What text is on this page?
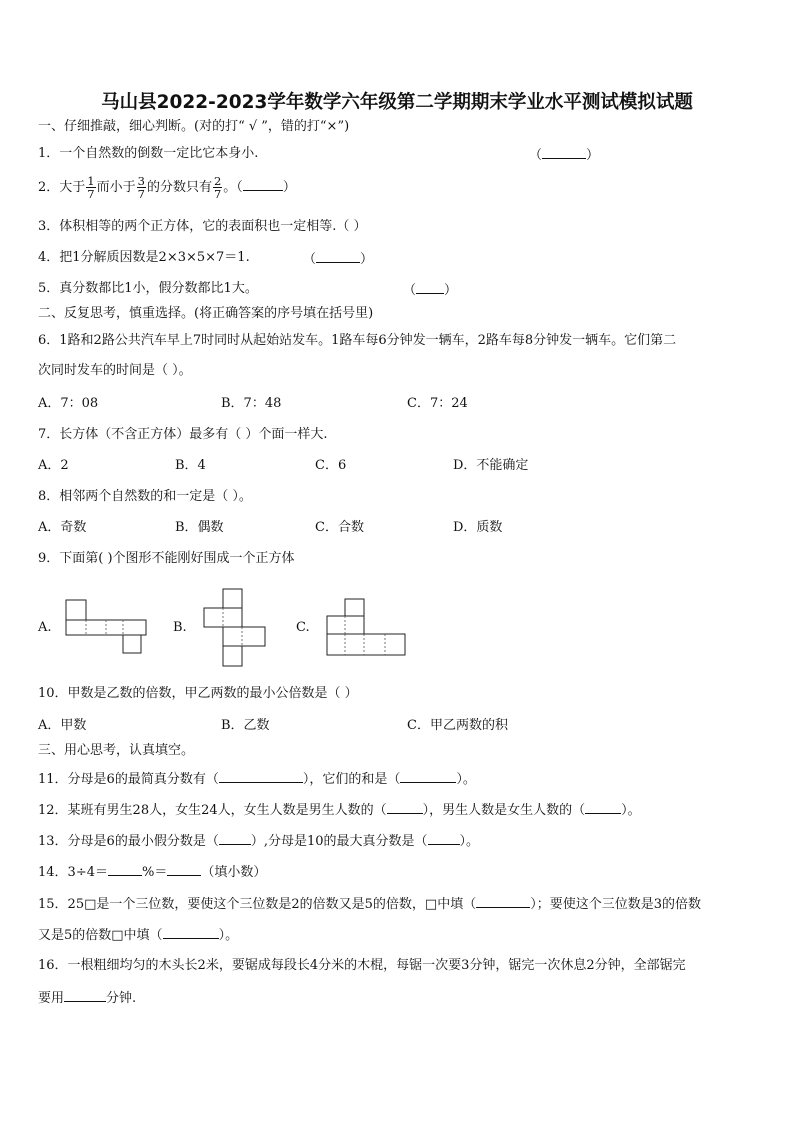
马山县2022-2023学年数学六年级第二学期期末学业水平测试模拟试题
一、仔细推敲，细心判断。(对的打“ √ ”，错的打“×”)
1．一个自然数的倒数一定比它本身小.	（	）
2．大于 $\frac{1}{7}$ 而小于 $\frac{3}{7}$ 的分数只有 $\frac{2}{7}$ 。（	）
3．体积相等的两个正方体，它的表面积也一定相等.（ ）
4．把1分解质因数是2×3×5×7＝1.	（	）
5．真分数都比1小，假分数都比1大。	（ ）
二、反复思考，慎重选择。(将正确答案的序号填在括号里)
6．1路和2路公共汽车早上7时同时从起始站发车。1路车每6分钟发一辆车，2路车每8分钟发一辆车。它们第二
次同时发车的时间是（ ）。
A．7：08	B．7：48	C．7：24
7．长方体（不含正方体）最多有（ ）个面一样大.
A．2	B．4	C．6	D．不能确定
8．相邻两个自然数的和一定是（ ）。
A．奇数	B．偶数	C．合数	D．质数
9．下面第( )个图形不能刚好围成一个正方体
A.	B.	C.
10．甲数是乙数的倍数，甲乙两数的最小公倍数是（ ）
A．甲数	B．乙数	C．甲乙两数的积
三、用心思考，认真填空。
11．分母是6的最简真分数有（	），它们的和是（	）。
12．某班有男生28人，女生24人，女生人数是男生人数的（	），男生人数是女生人数的（	）。
13．分母是6的最小假分数是（ ）,分母是10的最大真分数是（ ）。
14．3÷4＝	%＝	（填小数）
15．25□是一个三位数，要使这个三位数是2的倍数又是5的倍数，□中填（	）；要使这个三位数是3的倍数
又是5的倍数□中填（	）。
16．一根粗细均匀的木头长2米，要锯成每段长4分米的木棍，每锯一次要3分钟，锯完一次休息2分钟，全部锯完
要用	分钟.
